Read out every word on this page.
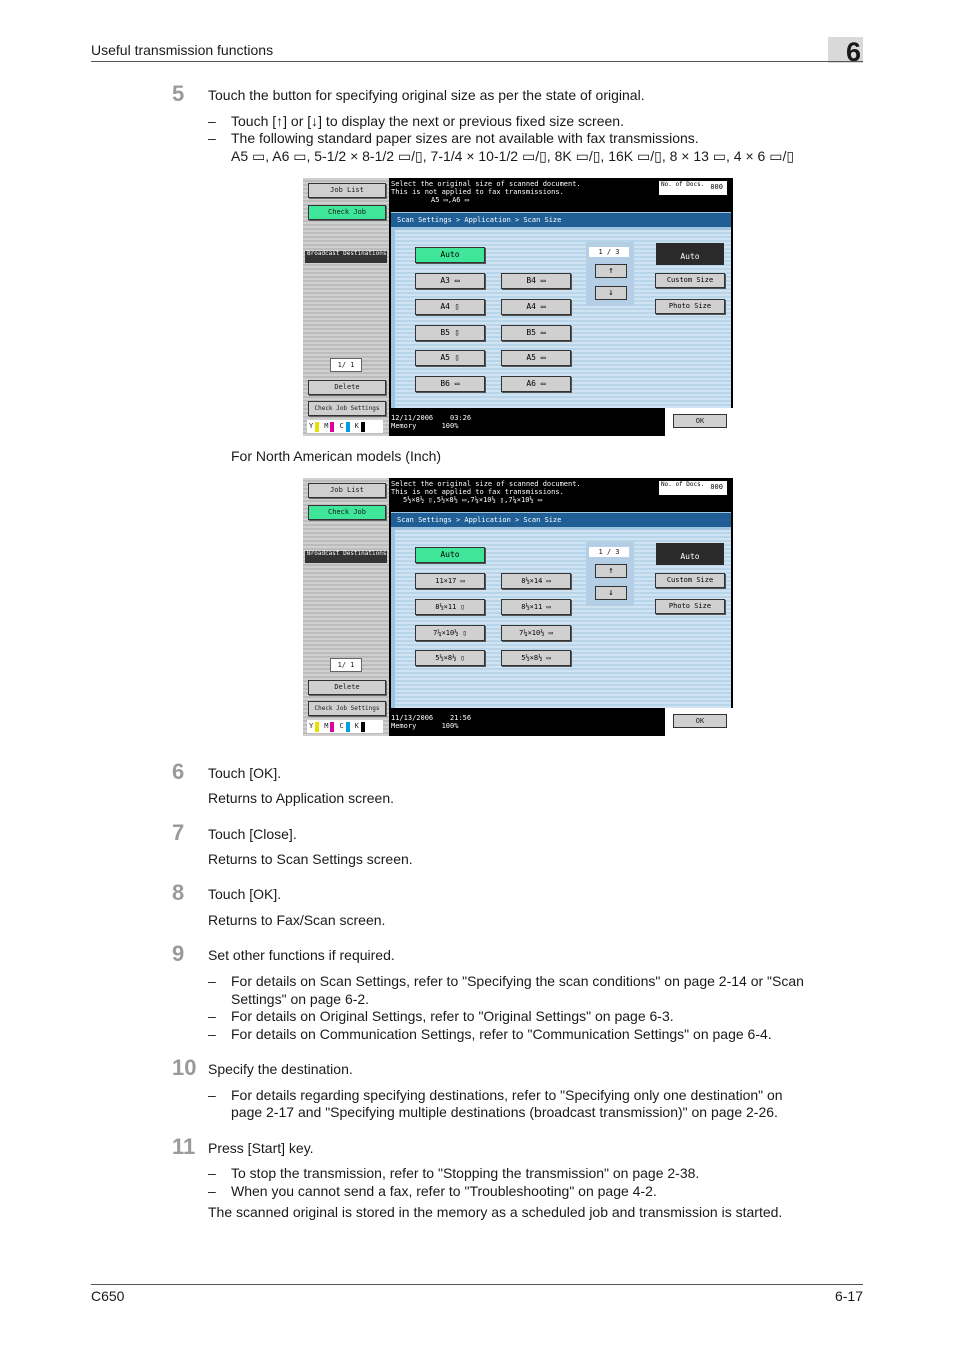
Useful transmission functions	6
5 Touch the button for specifying original size as per the state of original.
– Touch [↑] or [↓] to display the next or previous fixed size screen.
– The following standard paper sizes are not available with fax transmissions.
A5 ▭, A6 ▭, 5-1/2 × 8-1/2 ▭/▯, 7-1/4 × 10-1/2 ▭/▯, 8K ▭/▯, 16K ▭/▯, 8 × 13 ▭, 4 × 6 ▭/▯
Job List
Check Job
Broadcast Destinations
1/ 1
Delete
Check Job Settings
Y M C K
Select the original size of scanned document.
This is not applied to fax transmissions.
A5 ▭,A6 ▭
No. of Docs. 000
Scan Settings > Application > Scan Size
Auto
A3 ▭
A4 ▯
B5 ▯
A5 ▯
B6 ▭
B4 ▭
A4 ▭
B5 ▭
A5 ▭
A6 ▭
1 / 3
↑
↓
Auto
Custom Size
Photo Size
12/11/2006 03:26
Memory	100%
OK
For North American models (Inch)
Job List
Check Job
Broadcast Destinations
1/ 1
Delete
Check Job Settings
Y M C K
Select the original size of scanned document.
This is not applied to fax transmissions.
5½×8½ ▯,5½×8½ ▭,7¼×10½ ▯,7¼×10½ ▭
No. of Docs. 000
Scan Settings > Application > Scan Size
Auto
11×17 ▭
8½×11 ▯
7¼×10½ ▯
5½×8½ ▯
8½×14 ▭
8½×11 ▭
7¼×10½ ▭
5½×8½ ▭
1 / 3
↑
↓
Auto
Custom Size
Photo Size
11/13/2006 21:56
Memory	100%
OK
6 Touch [OK].
Returns to Application screen.
7 Touch [Close].
Returns to Scan Settings screen.
8 Touch [OK].
Returns to Fax/Scan screen.
9 Set other functions if required.
– For details on Scan Settings, refer to "Specifying the scan conditions" on page 2-14 or "Scan
Settings" on page 6-2.
– For details on Original Settings, refer to "Original Settings" on page 6-3.
– For details on Communication Settings, refer to "Communication Settings" on page 6-4.
10 Specify the destination.
– For details regarding specifying destinations, refer to "Specifying only one destination" on
page 2-17 and "Specifying multiple destinations (broadcast transmission)" on page 2-26.
11 Press [Start] key.
– To stop the transmission, refer to "Stopping the transmission" on page 2-38.
– When you cannot send a fax, refer to "Troubleshooting" on page 4-2.
The scanned original is stored in the memory as a scheduled job and transmission is started.
C650	6-17
